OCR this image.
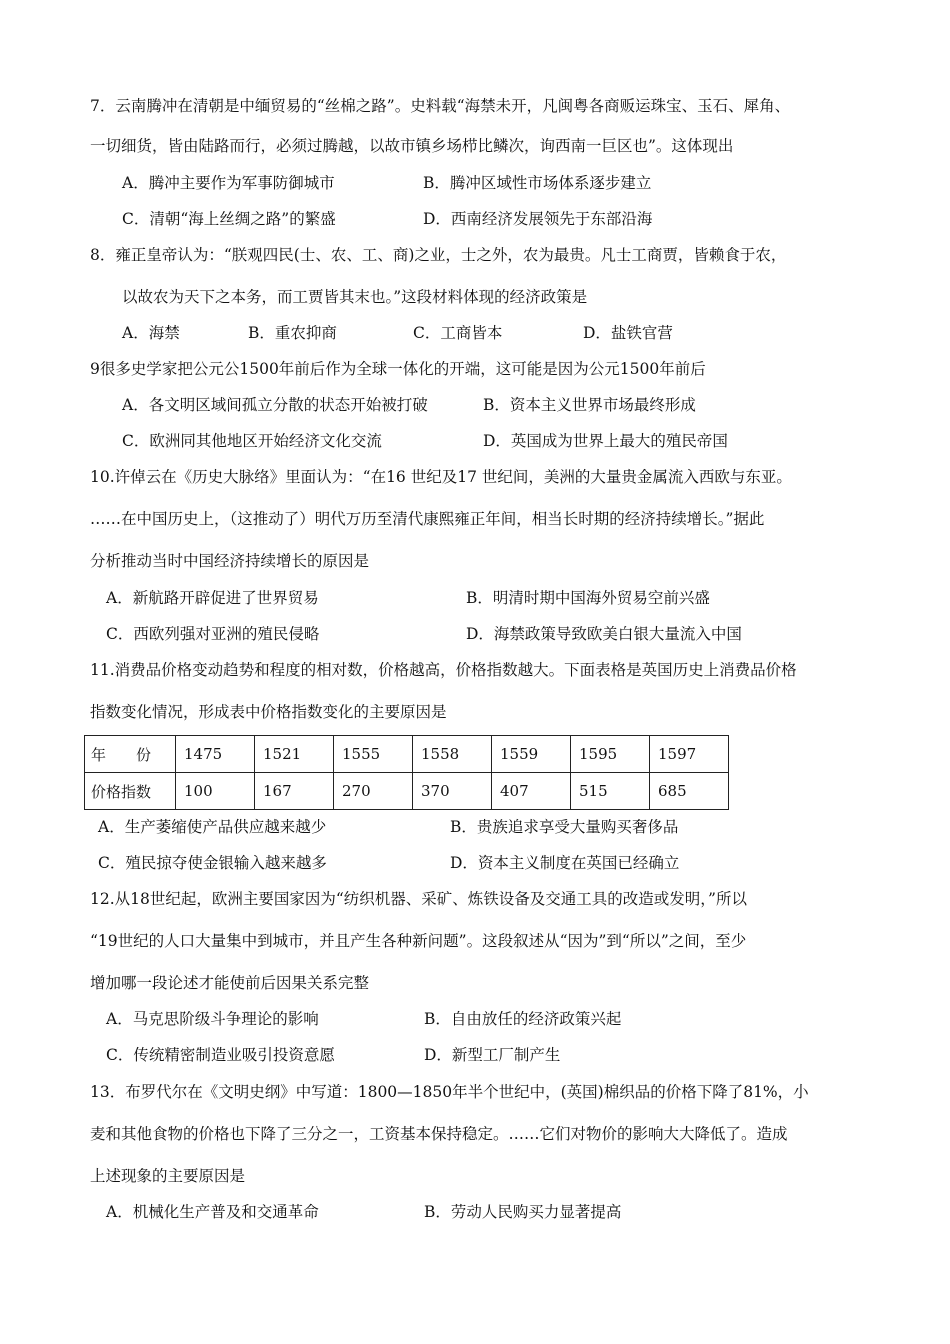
7．云南腾冲在清朝是中缅贸易的“丝棉之路”。史料载“海禁未开，凡闽粤各商贩运珠宝、玉石、犀角、
一切细货，皆由陆路而行，必须过腾越，以故市镇乡场栉比鳞次，询西南一巨区也”。这体现出
A．腾冲主要作为军事防御城市	B．腾冲区域性市场体系逐步建立
C．清朝“海上丝绸之路”的繁盛	D．西南经济发展领先于东部沿海
8．雍正皇帝认为：“朕观四民(士、农、工、商)之业，士之外，农为最贵。凡士工商贾，皆赖食于农，
以故农为天下之本务，而工贾皆其末也。”这段材料体现的经济政策是
A．海禁	B．重农抑商	C．工商皆本	D．盐铁官营
9很多史学家把公元公1500年前后作为全球一体化的开端，这可能是因为公元1500年前后
A．各文明区域间孤立分散的状态开始被打破	B．资本主义世界市场最终形成
C．欧洲同其他地区开始经济文化交流	D．英国成为世界上最大的殖民帝国
10.许倬云在《历史大脉络》里面认为：“在16 世纪及17 世纪间，美洲的大量贵金属流入西欧与东亚。
……在中国历史上，（这推动了）明代万历至清代康熙雍正年间，相当长时期的经济持续增长。”据此
分析推动当时中国经济持续增长的原因是
A．新航路开辟促进了世界贸易	B．明清时期中国海外贸易空前兴盛
C．西欧列强对亚洲的殖民侵略	D．海禁政策导致欧美白银大量流入中国
11.消费品价格变动趋势和程度的相对数，价格越高，价格指数越大。下面表格是英国历史上消费品价格
指数变化情况，形成表中价格指数变化的主要原因是
年　　份	1475	1521	1555	1558	1559	1595	1597
价格指数	100	167	270	370	407	515	685
A．生产萎缩使产品供应越来越少	B．贵族追求享受大量购买奢侈品
C．殖民掠夺使金银输入越来越多	D．资本主义制度在英国已经确立
12.从18世纪起，欧洲主要国家因为“纺织机器、采矿、炼铁设备及交通工具的改造或发明，”所以
“19世纪的人口大量集中到城市，并且产生各种新问题”。这段叙述从“因为”到“所以”之间，至少
增加哪一段论述才能使前后因果关系完整
A．马克思阶级斗争理论的影响	B．自由放任的经济政策兴起
C．传统精密制造业吸引投资意愿	D．新型工厂制产生
13．布罗代尔在《文明史纲》中写道：1800—1850年半个世纪中，(英国)棉织品的价格下降了81%，小
麦和其他食物的价格也下降了三分之一，工资基本保持稳定。……它们对物价的影响大大降低了。造成
上述现象的主要原因是
A．机械化生产普及和交通革命	B．劳动人民购买力显著提高
